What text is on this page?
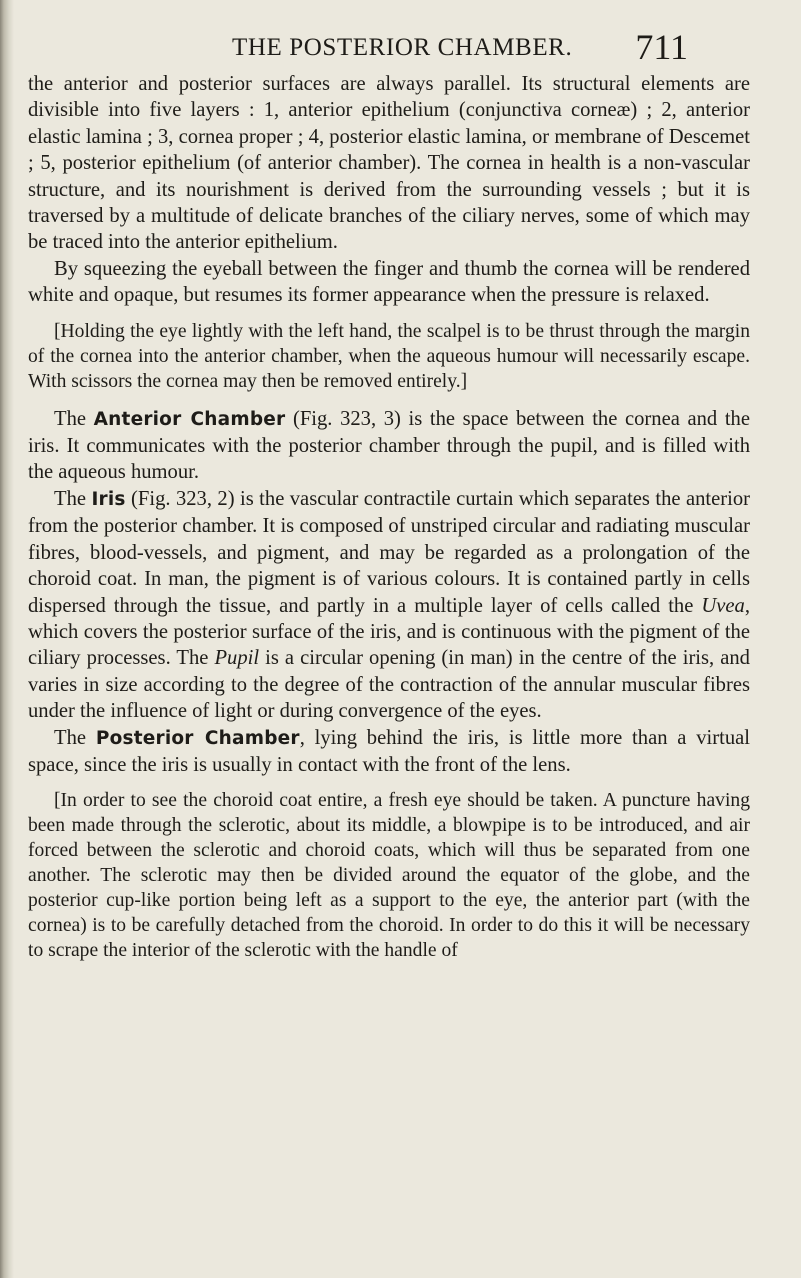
THE POSTERIOR CHAMBER. 711

the anterior and posterior surfaces are always parallel. Its structural elements are divisible into five layers : 1, anterior epithelium (conjunctiva corneæ) ; 2, anterior elastic lamina ; 3, cornea proper ; 4, posterior elastic lamina, or membrane of Descemet ; 5, posterior epithelium (of anterior chamber). The cornea in health is a non-vascular structure, and its nourishment is derived from the surrounding vessels ; but it is traversed by a multitude of delicate branches of the ciliary nerves, some of which may be traced into the anterior epithelium.

By squeezing the eyeball between the finger and thumb the cornea will be rendered white and opaque, but resumes its former appearance when the pressure is relaxed.

[Holding the eye lightly with the left hand, the scalpel is to be thrust through the margin of the cornea into the anterior chamber, when the aqueous humour will necessarily escape. With scissors the cornea may then be removed entirely.]

The Anterior Chamber (Fig. 323, 3) is the space between the cornea and the iris. It communicates with the posterior chamber through the pupil, and is filled with the aqueous humour.

The Iris (Fig. 323, 2) is the vascular contractile curtain which separates the anterior from the posterior chamber. It is composed of unstriped circular and radiating muscular fibres, blood-vessels, and pigment, and may be regarded as a prolongation of the choroid coat. In man, the pigment is of various colours. It is contained partly in cells dispersed through the tissue, and partly in a multiple layer of cells called the Uvea, which covers the posterior surface of the iris, and is continuous with the pigment of the ciliary processes. The Pupil is a circular opening (in man) in the centre of the iris, and varies in size according to the degree of the contraction of the annular muscular fibres under the influence of light or during convergence of the eyes.

The Posterior Chamber, lying behind the iris, is little more than a virtual space, since the iris is usually in contact with the front of the lens.

[In order to see the choroid coat entire, a fresh eye should be taken. A puncture having been made through the sclerotic, about its middle, a blowpipe is to be introduced, and air forced between the sclerotic and choroid coats, which will thus be separated from one another. The sclerotic may then be divided around the equator of the globe, and the posterior cup-like portion being left as a support to the eye, the anterior part (with the cornea) is to be carefully detached from the choroid. In order to do this it will be necessary to scrape the interior of the sclerotic with the handle of
